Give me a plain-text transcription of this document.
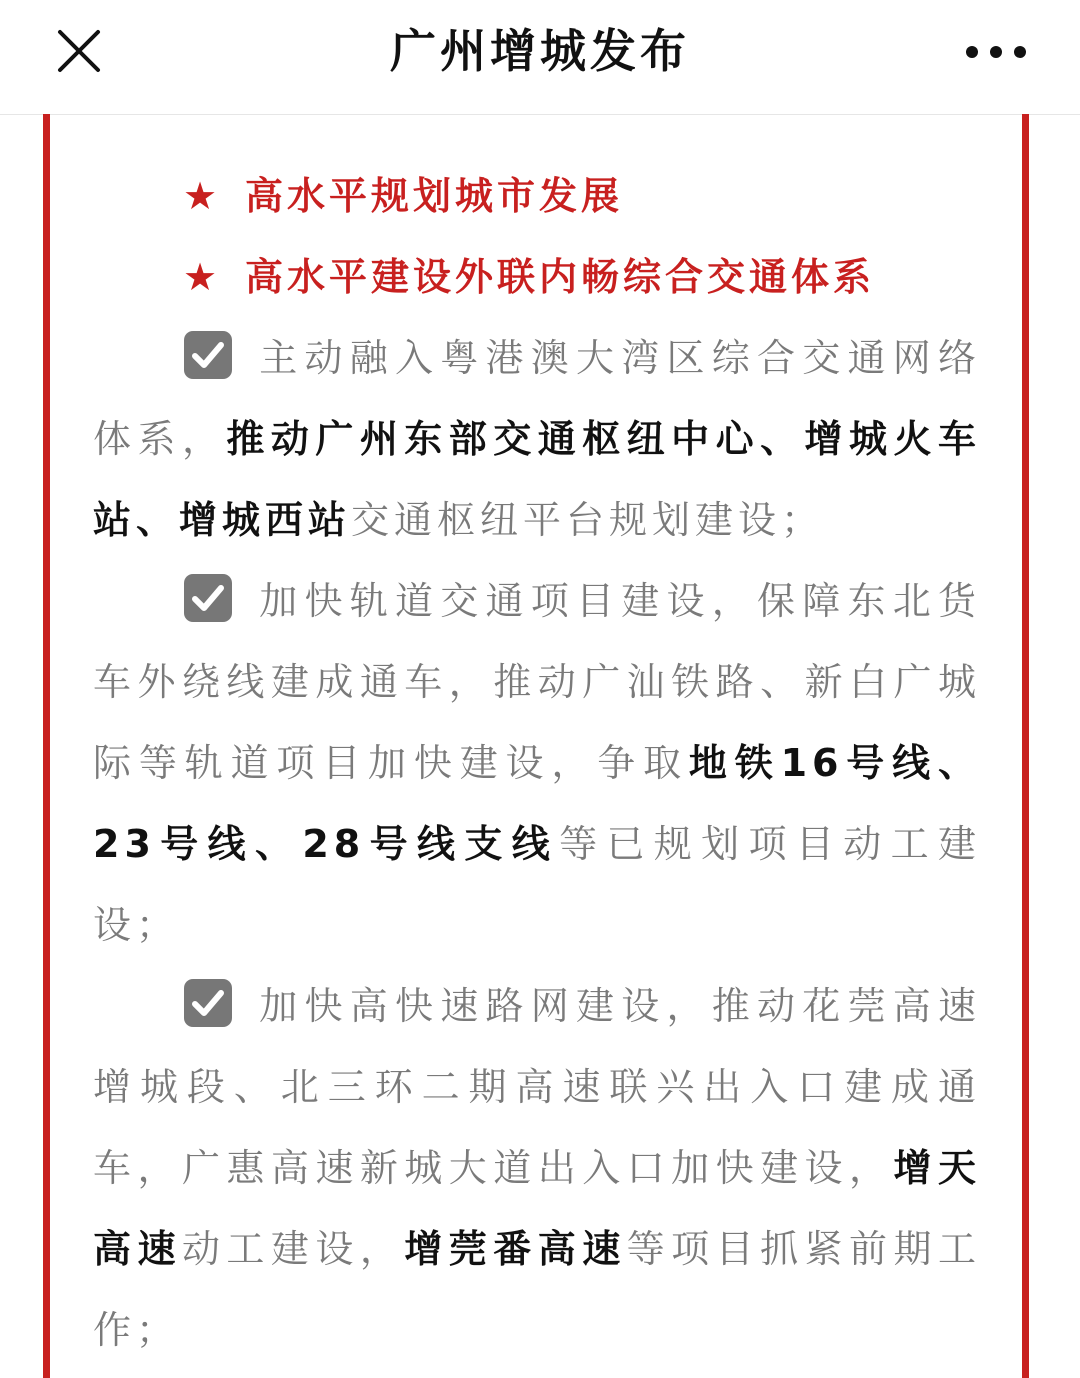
广州增城发布
★ 高水平规划城市发展
★ 高水平建设外联内畅综合交通体系

主动融入粤港澳大湾区综合交通网络体系，推动广州东部交通枢纽中心、增城火车站、增城西站交通枢纽平台规划建设；

加快轨道交通项目建设，保障东北货车外绕线建成通车，推动广汕铁路、新白广城际等轨道项目加快建设，争取地铁16号线、23号线、28号线支线等已规划项目动工建设；

加快高快速路网建设，推动花莞高速增城段、北三环二期高速联兴出入口建成通车，广惠高速新城大道出入口加快建设，增天高速动工建设，增莞番高速等项目抓紧前期工作；
